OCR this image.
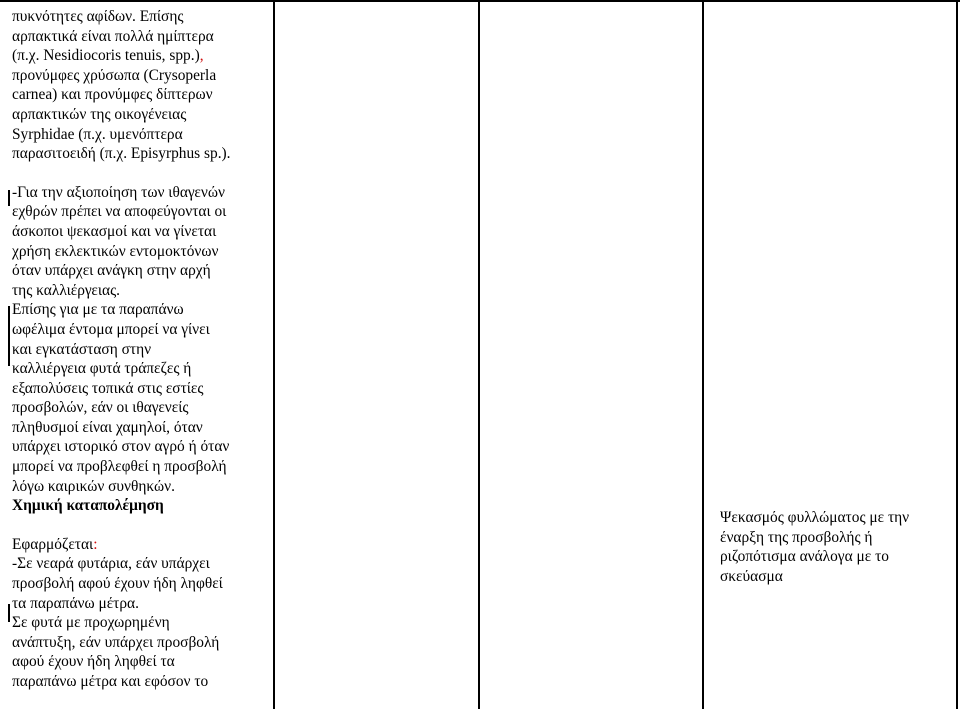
πυκνότητες αφίδων. Επίσης
αρπακτικά είναι πολλά ημίπτερα
(π.χ. Nesidiocoris tenuis, spp.),
προνύμφες χρύσωπα (Crysoperla
carnea) και προνύμφες δίπτερων
αρπακτικών της οικογένειας
Syrphidae (π.χ. υμενόπτερα
παρασιτοειδή (π.χ. Episyrphus sp.).

-Για την αξιοποίηση των ιθαγενών
εχθρών πρέπει να αποφεύγονται οι
άσκοποι ψεκασμοί και να γίνεται
χρήση εκλεκτικών εντομοκτόνων
όταν υπάρχει ανάγκη στην αρχή
της καλλιέργειας.
Επίσης για με τα παραπάνω
ωφέλιμα έντομα μπορεί να γίνει
και εγκατάσταση στην
καλλιέργεια φυτά τράπεζες ή
εξαπολύσεις τοπικά στις εστίες
προσβολών, εάν οι ιθαγενείς
πληθυσμοί είναι χαμηλοί, όταν
υπάρχει ιστορικό στον αγρό ή όταν
μπορεί να προβλεφθεί η προσβολή
λόγω καιρικών συνθηκών.

Χημική καταπολέμηση

Εφαρμόζεται:

-Σε νεαρά φυτάρια, εάν υπάρχει
προσβολή αφού έχουν ήδη ληφθεί
τα παραπάνω μέτρα.
Σε φυτά με προχωρημένη
ανάπτυξη, εάν υπάρχει προσβολή
αφού έχουν ήδη ληφθεί τα
παραπάνω μέτρα και εφόσον το

Ψεκασμός φυλλώματος με την
έναρξη της προσβολής ή
ριζοπότισμα ανάλογα με το
σκεύασμα
